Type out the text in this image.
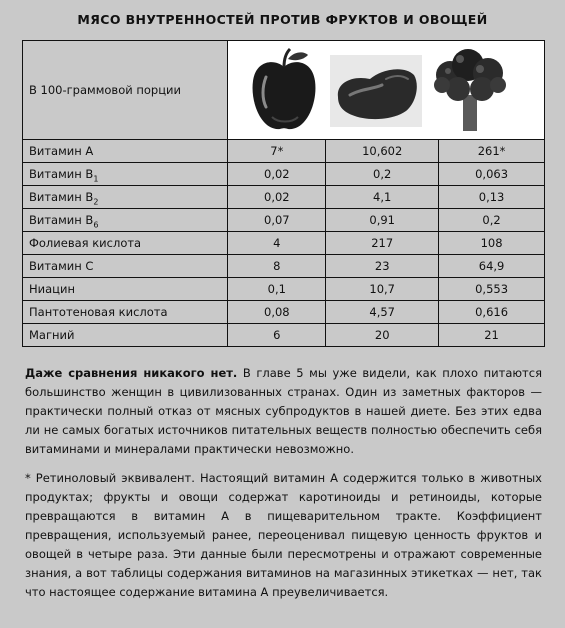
МЯСО ВНУТРЕННОСТЕЙ ПРОТИВ ФРУКТОВ И ОВОЩЕЙ
В 100-граммовой порции	

Витамин А	7*	10,602	261*
Витамин $В_1$	0,02	0,2	0,063
Витамин $В_2$	0,02	4,1	0,13
Витамин $В_6$	0,07	0,91	0,2
Фолиевая кислота	4	217	108
Витамин С	8	23	64,9
Ниацин	0,1	10,7	0,553
Пантотеновая кислота	0,08	4,57	0,616
Магний	6	20	21
Даже сравнения никакого нет. В главе 5 мы уже видели, как плохо питаются большинство женщин в цивилизованных странах. Один из заметных факторов — практически полный отказ от мясных субпродуктов в нашей диете. Без этих едва ли не самых богатых источников питательных веществ полностью обеспечить себя витаминами и минералами практически невозможно.
* Ретиноловый эквивалент. Настоящий витамин А содержится только в животных продуктах; фрукты и овощи содержат каротиноиды и ретиноиды, которые превращаются в витамин А в пищеварительном тракте. Коэффициент превращения, используемый ранее, переоценивал пищевую ценность фруктов и овощей в четыре раза. Эти данные были пересмотрены и отражают современные знания, а вот таблицы содержания витаминов на магазинных этикетках — нет, так что настоящее содержание витамина А преувеличивается.
